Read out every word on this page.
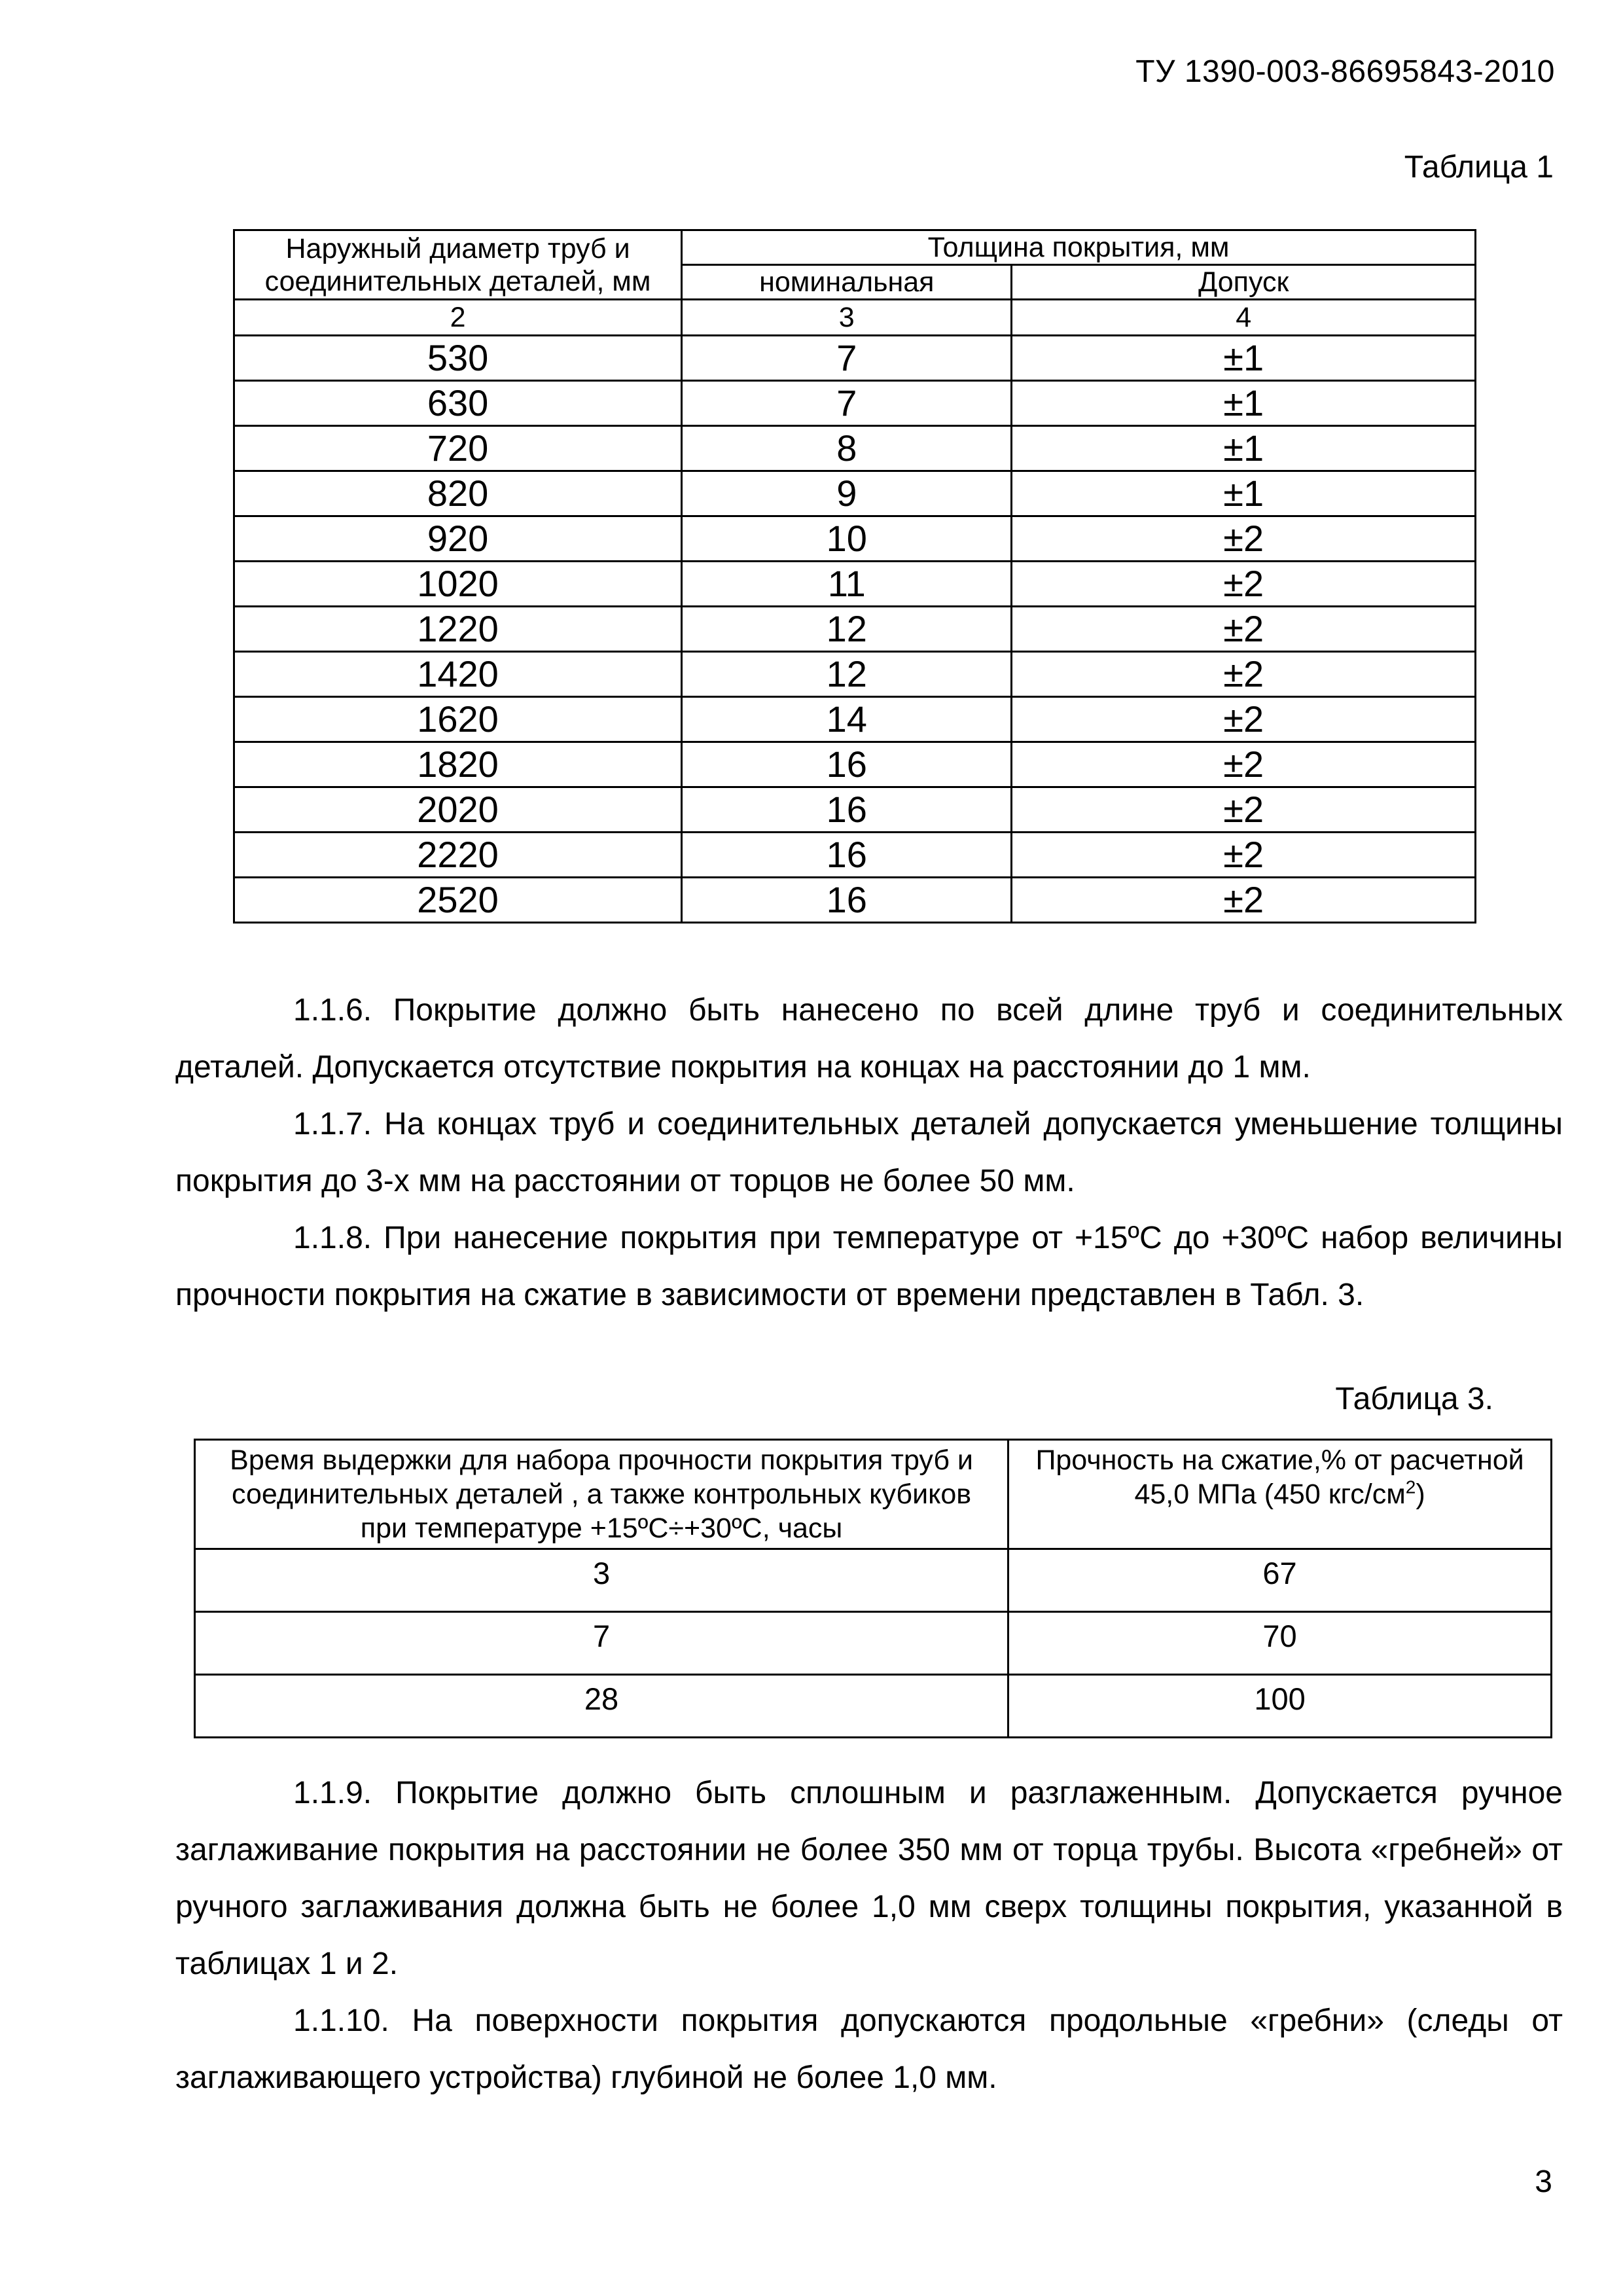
ТУ 1390-003-86695843-2010
Таблица 1
Наружный диаметр труб и соединительных деталей, мм	Толщина покрытия, мм	
	номинальная	Допуск
2	3	4
530	7	±1
630	7	±1
720	8	±1
820	9	±1
920	10	±2
1020	11	±2
1220	12	±2
1420	12	±2
1620	14	±2
1820	16	±2
2020	16	±2
2220	16	±2
2520	16	±2

1.1.6. Покрытие должно быть нанесено по всей длине труб и соединительных деталей. Допускается отсутствие покрытия на концах на расстоянии до 1 мм.

1.1.7. На концах труб и соединительных деталей допускается уменьшение толщины покрытия до 3-х мм на расстоянии от торцов не более 50 мм.

1.1.8. При нанесение покрытия при температуре от +15ºС до +30ºС набор величины прочности покрытия на сжатие в зависимости от времени представлен в Табл. 3.

Таблица 3.
Время выдержки для набора прочности покрытия труб и соединительных деталей , а также контрольных кубиков при температуре +15ºС÷+30ºС, часы	Прочность на сжатие,% от расчетной 45,0 МПа (450 кгс/$см^2$)
3	67
7	70
28	100

1.1.9. Покрытие должно быть сплошным и разглаженным. Допускается ручное заглаживание покрытия на расстоянии не более 350 мм от торца трубы. Высота «гребней» от ручного заглаживания должна быть не более 1,0 мм сверх толщины покрытия, указанной в таблицах 1 и 2.

1.1.10. На поверхности покрытия допускаются продольные «гребни» (следы от заглаживающего устройства) глубиной не более 1,0 мм.

3
